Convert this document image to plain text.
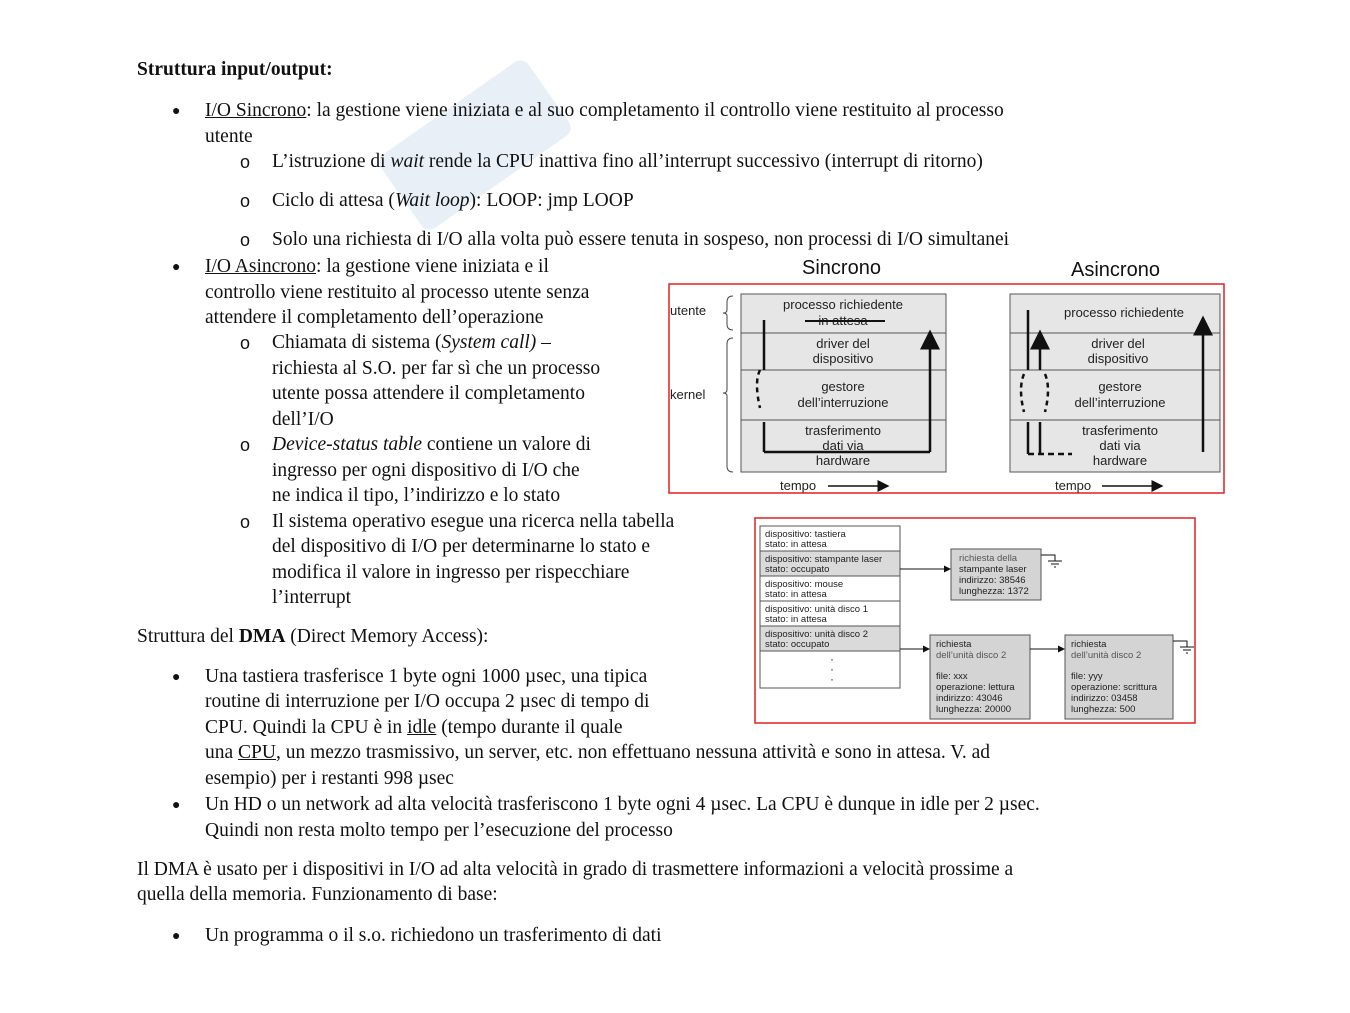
Struttura input/output:
● I/O Sincrono: la gestione viene iniziata e al suo completamento il controllo viene restituito al processo
utente
o L’istruzione di wait rende la CPU inattiva fino all’interrupt successivo (interrupt di ritorno)
o Ciclo di attesa (Wait loop): LOOP: jmp LOOP
o Solo una richiesta di I/O alla volta può essere tenuta in sospeso, non processi di I/O simultanei
● I/O Asincrono: la gestione viene iniziata e il
controllo viene restituito al processo utente senza
attendere il completamento dell’operazione
o Chiamata di sistema (System call) –
richiesta al S.O. per far sì che un processo
utente possa attendere il completamento
dell’I/O
o Device-status table contiene un valore di
ingresso per ogni dispositivo di I/O che
ne indica il tipo, l’indirizzo e lo stato
o Il sistema operativo esegue una ricerca nella tabella
del dispositivo di I/O per determinarne lo stato e
modifica il valore in ingresso per rispecchiare
l’interrupt
Struttura del DMA (Direct Memory Access):
● Una tastiera trasferisce 1 byte ogni 1000 µsec, una tipica
routine di interruzione per I/O occupa 2 µsec di tempo di
CPU. Quindi la CPU è in idle (tempo durante il quale
una CPU, un mezzo trasmissivo, un server, etc. non effettuano nessuna attività e sono in attesa. V. ad
esempio) per i restanti 998 µsec
● Un HD o un network ad alta velocità trasferiscono 1 byte ogni 4 µsec. La CPU è dunque in idle per 2 µsec.
Quindi non resta molto tempo per l’esecuzione del processo
Il DMA è usato per i dispositivi in I/O ad alta velocità in grado di trasmettere informazioni a velocità prossime a
quella della memoria. Funzionamento di base:
● Un programma o il s.o. richiedono un trasferimento di dati
Sincrono	Asincrono
utente
kernel
processo richiedente
in attesa
driver del
dispositivo
gestore
dell’interruzione
trasferimento
dati via
hardware
processo richiedente
driver del
dispositivo
gestore
dell’interruzione
trasferimento
dati via
hardware
tempo	tempo
dispositivo: tastiera
stato: in attesa
dispositivo: stampante laser
stato: occupato
dispositivo: mouse
stato: in attesa
dispositivo: unità disco 1
stato: in attesa
dispositivo: unità disco 2
stato: occupato
·
·
·
richiesta della
stampante laser
indirizzo: 38546
lunghezza: 1372
richiesta
dell’unità disco 2
file: xxx
operazione: lettura
indirizzo: 43046
lunghezza: 20000
richiesta
dell’unità disco 2
file: yyy
operazione: scrittura
indirizzo: 03458
lunghezza: 500
